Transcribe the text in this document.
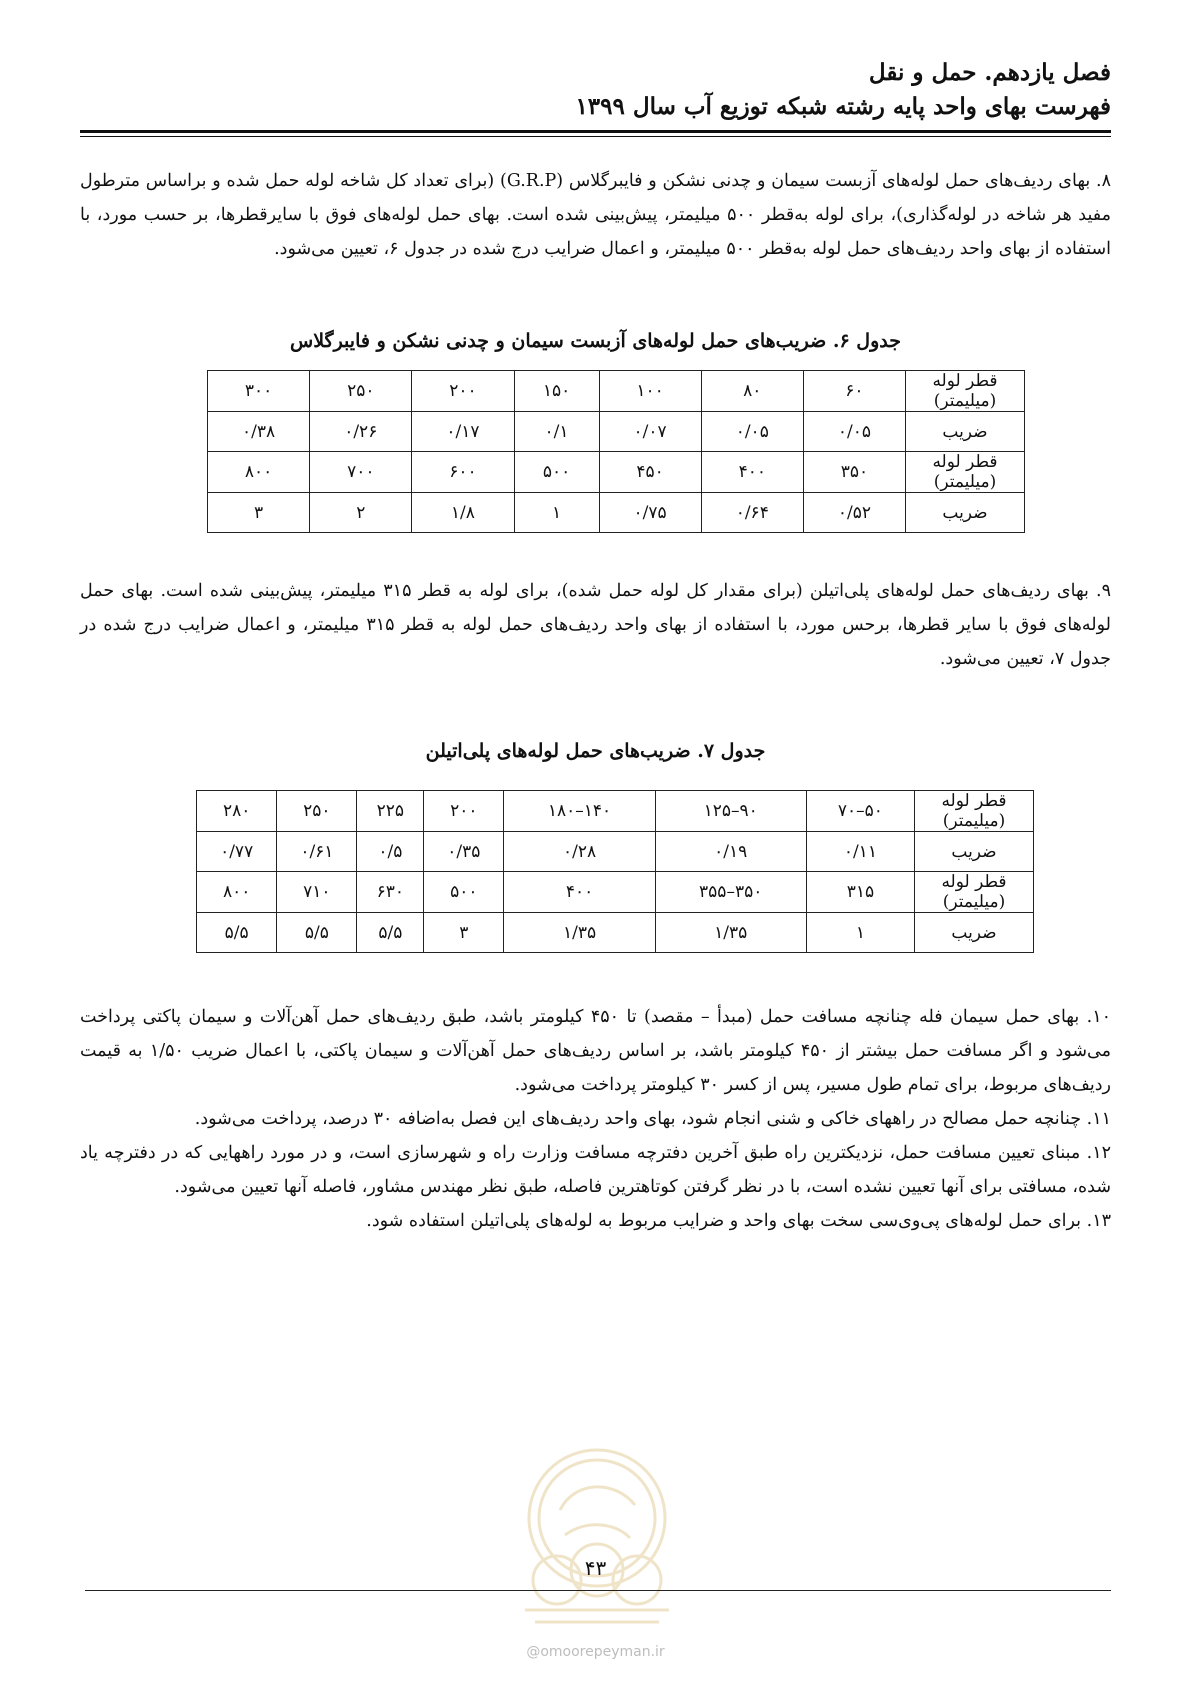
فصل یازدهم. حمل و نقل
فهرست بهای واحد پایه رشته شبکه توزیع آب سال ۱۳۹۹
۸. بهای ردیف‌های حمل لوله‌های آزبست سیمان و چدنی نشکن و فایبرگلاس (G.R.P) (برای تعداد کل شاخه لوله حمل شده و براساس مترطول مفید هر شاخه در لوله‌گذاری)، برای لوله به‌قطر ۵۰۰ میلیمتر، پیش‌بینی شده است. بهای حمل لوله‌های فوق با سایرقطرها، بر حسب مورد، با استفاده از بهای واحد ردیف‌های حمل لوله به‌قطر ۵۰۰ میلیمتر، و اعمال ضرایب درج شده در جدول ۶، تعیین می‌شود.
جدول ۶. ضریب‌های حمل لوله‌های آزبست سیمان و چدنی نشکن و فایبرگلاس
قطر لوله (میلیمتر)	۶۰	۸۰	۱۰۰	۱۵۰	۲۰۰	۲۵۰	۳۰۰
ضریب	۰/۰۵	۰/۰۵	۰/۰۷	۰/۱	۰/۱۷	۰/۲۶	۰/۳۸
قطر لوله (میلیمتر)	۳۵۰	۴۰۰	۴۵۰	۵۰۰	۶۰۰	۷۰۰	۸۰۰
ضریب	۰/۵۲	۰/۶۴	۰/۷۵	۱	۱/۸	۲	۳
۹. بهای ردیف‌های حمل لوله‌های پلی‌اتیلن (برای مقدار کل لوله حمل شده)، برای لوله به قطر ۳۱۵ میلیمتر، پیش‌بینی شده است. بهای حمل لوله‌های فوق با سایر قطرها، برحس مورد، با استفاده از بهای واحد ردیف‌های حمل لوله به قطر ۳۱۵ میلیمتر، و اعمال ضرایب درج شده در جدول ۷، تعیین می‌شود.
جدول ۷. ضریب‌های حمل لوله‌های پلی‌اتیلن
قطر لوله (میلیمتر)	۵۰–۷۰	۹۰–۱۲۵	۱۴۰–۱۸۰	۲۰۰	۲۲۵	۲۵۰	۲۸۰
ضریب	۰/۱۱	۰/۱۹	۰/۲۸	۰/۳۵	۰/۵	۰/۶۱	۰/۷۷
قطر لوله (میلیمتر)	۳۱۵	۳۵۰–۳۵۵	۴۰۰	۵۰۰	۶۳۰	۷۱۰	۸۰۰
ضریب	۱	۱/۳۵	۱/۳۵	۳	۵/۵	۵/۵	۵/۵
۱۰. بهای حمل سیمان فله چنانچه مسافت حمل (مبدأ – مقصد) تا ۴۵۰ کیلومتر باشد، طبق ردیف‌های حمل آهن‌آلات و سیمان پاکتی پرداخت می‌شود و اگر مسافت حمل بیشتر از ۴۵۰ کیلومتر باشد، بر اساس ردیف‌های حمل آهن‌آلات و سیمان پاکتی، با اعمال ضریب ۱/۵۰ به قیمت ردیف‌های مربوط، برای تمام طول مسیر، پس از کسر ۳۰ کیلومتر پرداخت می‌شود.
۱۱. چنانچه حمل مصالح در راههای خاکی و شنی انجام شود، بهای واحد ردیف‌های این فصل به‌اضافه ۳۰ درصد، پرداخت می‌شود.
۱۲. مبنای تعیین مسافت حمل، نزدیکترین راه طبق آخرین دفترچه مسافت وزارت راه و شهرسازی است، و در مورد راههایی که در دفترچه یاد شده، مسافتی برای آنها تعیین نشده است، با در نظر گرفتن کوتاهترین فاصله، طبق نظر مهندس مشاور، فاصله آنها تعیین می‌شود.
۱۳. برای حمل لوله‌های پی‌وی‌سی سخت بهای واحد و ضرایب مربوط به لوله‌های پلی‌اتیلن استفاده شود.
۴۳
@omoorepeyman.ir
